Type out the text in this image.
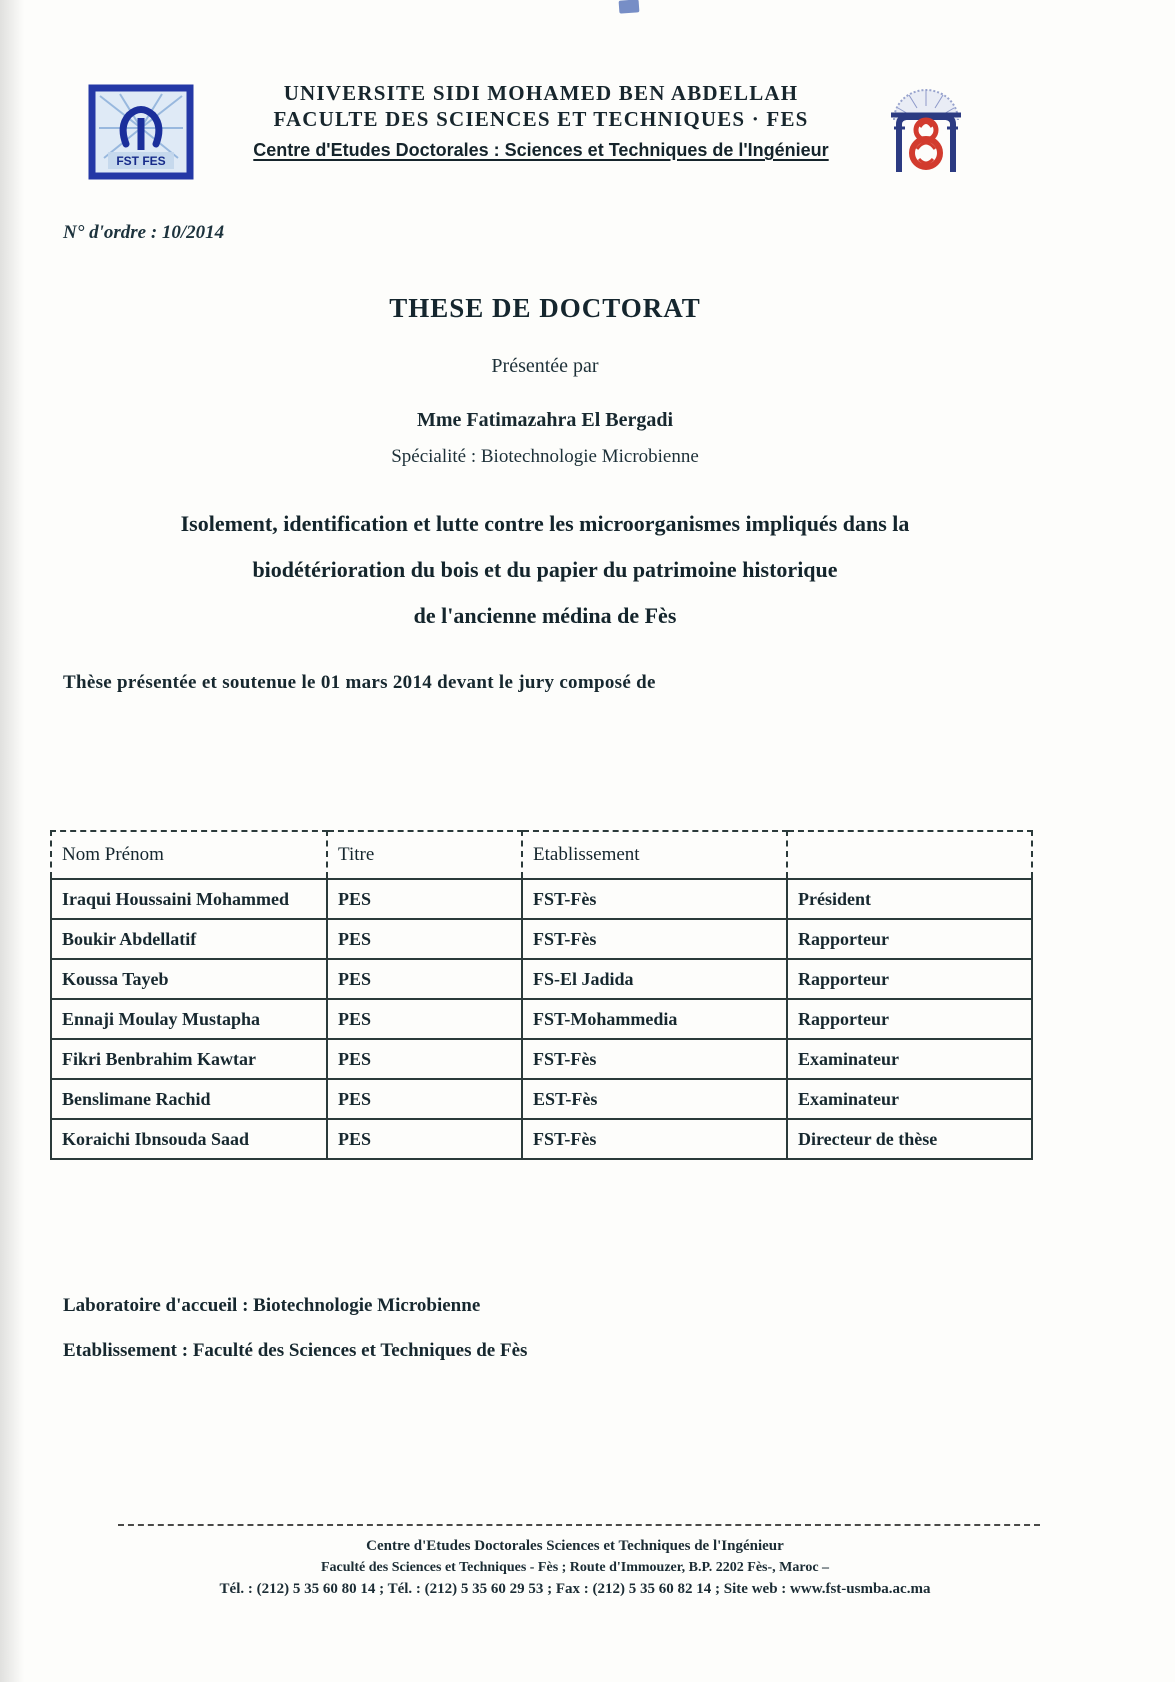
FST FES
UNIVERSITE SIDI MOHAMED BEN ABDELLAH
FACULTE DES SCIENCES ET TECHNIQUES · FES
Centre d'Etudes Doctorales : Sciences et Techniques de l'Ingénieur
N° d'ordre : 10/2014
THESE DE DOCTORAT
Présentée par
Mme Fatimazahra El Bergadi
Spécialité : Biotechnologie Microbienne
Isolement, identification et lutte contre les microorganismes impliqués dans la
biodétérioration du bois et du papier du patrimoine historique
de l'ancienne médina de Fès
Thèse présentée et soutenue le 01 mars 2014 devant le jury composé de
Nom Prénom	Titre	Etablissement	
Iraqui Houssaini Mohammed	PES	FST-Fès	Président
Boukir Abdellatif	PES	FST-Fès	Rapporteur
Koussa Tayeb	PES	FS-El Jadida	Rapporteur
Ennaji Moulay Mustapha	PES	FST-Mohammedia	Rapporteur
Fikri Benbrahim Kawtar	PES	FST-Fès	Examinateur
Benslimane Rachid	PES	EST-Fès	Examinateur
Koraichi Ibnsouda Saad	PES	FST-Fès	Directeur de thèse
Laboratoire d'accueil : Biotechnologie Microbienne
Etablissement : Faculté des Sciences et Techniques de Fès
Centre d'Etudes Doctorales Sciences et Techniques de l'Ingénieur
Faculté des Sciences et Techniques - Fès ; Route d'Immouzer, B.P. 2202 Fès-, Maroc –
Tél. : (212) 5 35 60 80 14 ; Tél. : (212) 5 35 60 29 53 ; Fax : (212) 5 35 60 82 14 ; Site web : www.fst-usmba.ac.ma
